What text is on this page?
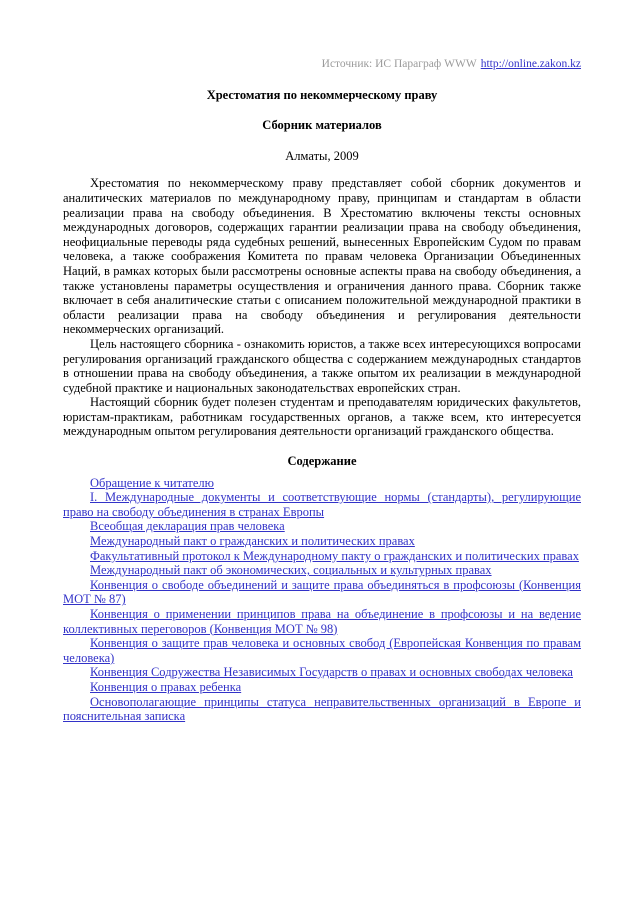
Источник: ИС Параграф WWW http://online.zakon.kz
Хрестоматия по некоммерческому праву
Сборник материалов
Алматы, 2009

Хрестоматия по некоммерческому праву представляет собой сборник документов и аналитических материалов по международному праву, принципам и стандартам в области реализации права на свободу объединения. В Хрестоматию включены тексты основных международных договоров, содержащих гарантии реализации права на свободу объединения, неофициальные переводы ряда судебных решений, вынесенных Европейским Судом по правам человека, а также соображения Комитета по правам человека Организации Объединенных Наций, в рамках которых были рассмотрены основные аспекты права на свободу объединения, а также установлены параметры осуществления и ограничения данного права. Сборник также включает в себя аналитические статьи с описанием положительной международной практики в области реализации права на свободу объединения и регулирования деятельности некоммерческих организаций.

Цель настоящего сборника - ознакомить юристов, а также всех интересующихся вопросами регулирования организаций гражданского общества с содержанием международных стандартов в отношении права на свободу объединения, а также опытом их реализации в международной судебной практике и национальных законодательствах европейских стран.

Настоящий сборник будет полезен студентам и преподавателям юридических факультетов, юристам-практикам, работникам государственных органов, а также всем, кто интересуется международным опытом регулирования деятельности организаций гражданского общества.

Содержание

Обращение к читателю

I. Международные документы и соответствующие нормы (стандарты), регулирующие право на свободу объединения в странах Европы

Всеобщая декларация прав человека

Международный пакт о гражданских и политических правах

Факультативный протокол к Международному пакту о гражданских и политических правах

Международный пакт об экономических, социальных и культурных правах

Конвенция о свободе объединений и защите права объединяться в профсоюзы (Конвенция МОТ № 87)

Конвенция о применении принципов права на объединение в профсоюзы и на ведение коллективных переговоров (Конвенция МОТ № 98)

Конвенция о защите прав человека и основных свобод (Европейская Конвенция по правам человека)

Конвенция Содружества Независимых Государств о правах и основных свободах человека

Конвенция о правах ребенка

Основополагающие принципы статуса неправительственных организаций в Европе и пояснительная записка
